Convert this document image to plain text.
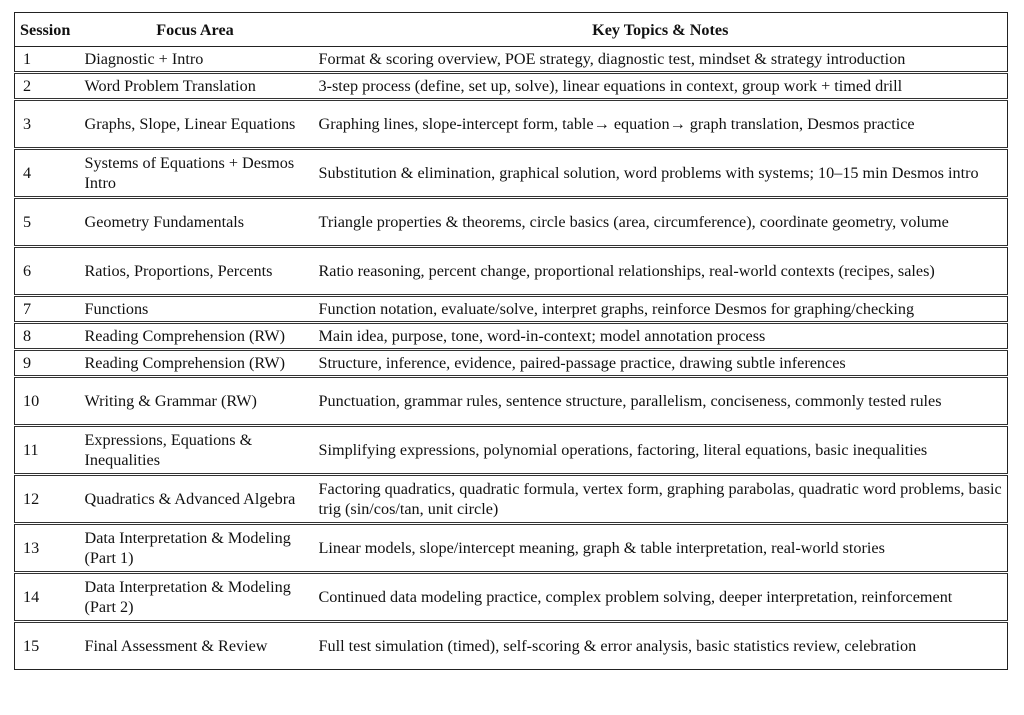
Session	Focus Area	Key Topics & Notes
1	Diagnostic + Intro	Format & scoring overview, POE strategy, diagnostic test, mindset & strategy introduction
2	Word Problem Translation	3-step process (define, set up, solve), linear equations in context, group work + timed drill
3	Graphs, Slope, Linear Equations	Graphing lines, slope-intercept form, table→ equation→ graph translation, Desmos practice
4	Systems of Equations + Desmos Intro	Substitution & elimination, graphical solution, word problems with systems; 10–15 min Desmos intro
5	Geometry Fundamentals	Triangle properties & theorems, circle basics (area, circumference), coordinate geometry, volume
6	Ratios, Proportions, Percents	Ratio reasoning, percent change, proportional relationships, real-world contexts (recipes, sales)
7	Functions	Function notation, evaluate/solve, interpret graphs, reinforce Desmos for graphing/checking
8	Reading Comprehension (RW)	Main idea, purpose, tone, word-in-context; model annotation process
9	Reading Comprehension (RW)	Structure, inference, evidence, paired-passage practice, drawing subtle inferences
10	Writing & Grammar (RW)	Punctuation, grammar rules, sentence structure, parallelism, conciseness, commonly tested rules
11	Expressions, Equations & Inequalities	Simplifying expressions, polynomial operations, factoring, literal equations, basic inequalities
12	Quadratics & Advanced Algebra	Factoring quadratics, quadratic formula, vertex form, graphing parabolas, quadratic word problems, basic trig (sin/cos/tan, unit circle)
13	Data Interpretation & Modeling (Part 1)	Linear models, slope/intercept meaning, graph & table interpretation, real-world stories
14	Data Interpretation & Modeling (Part 2)	Continued data modeling practice, complex problem solving, deeper interpretation, reinforcement
15	Final Assessment & Review	Full test simulation (timed), self-scoring & error analysis, basic statistics review, celebration
